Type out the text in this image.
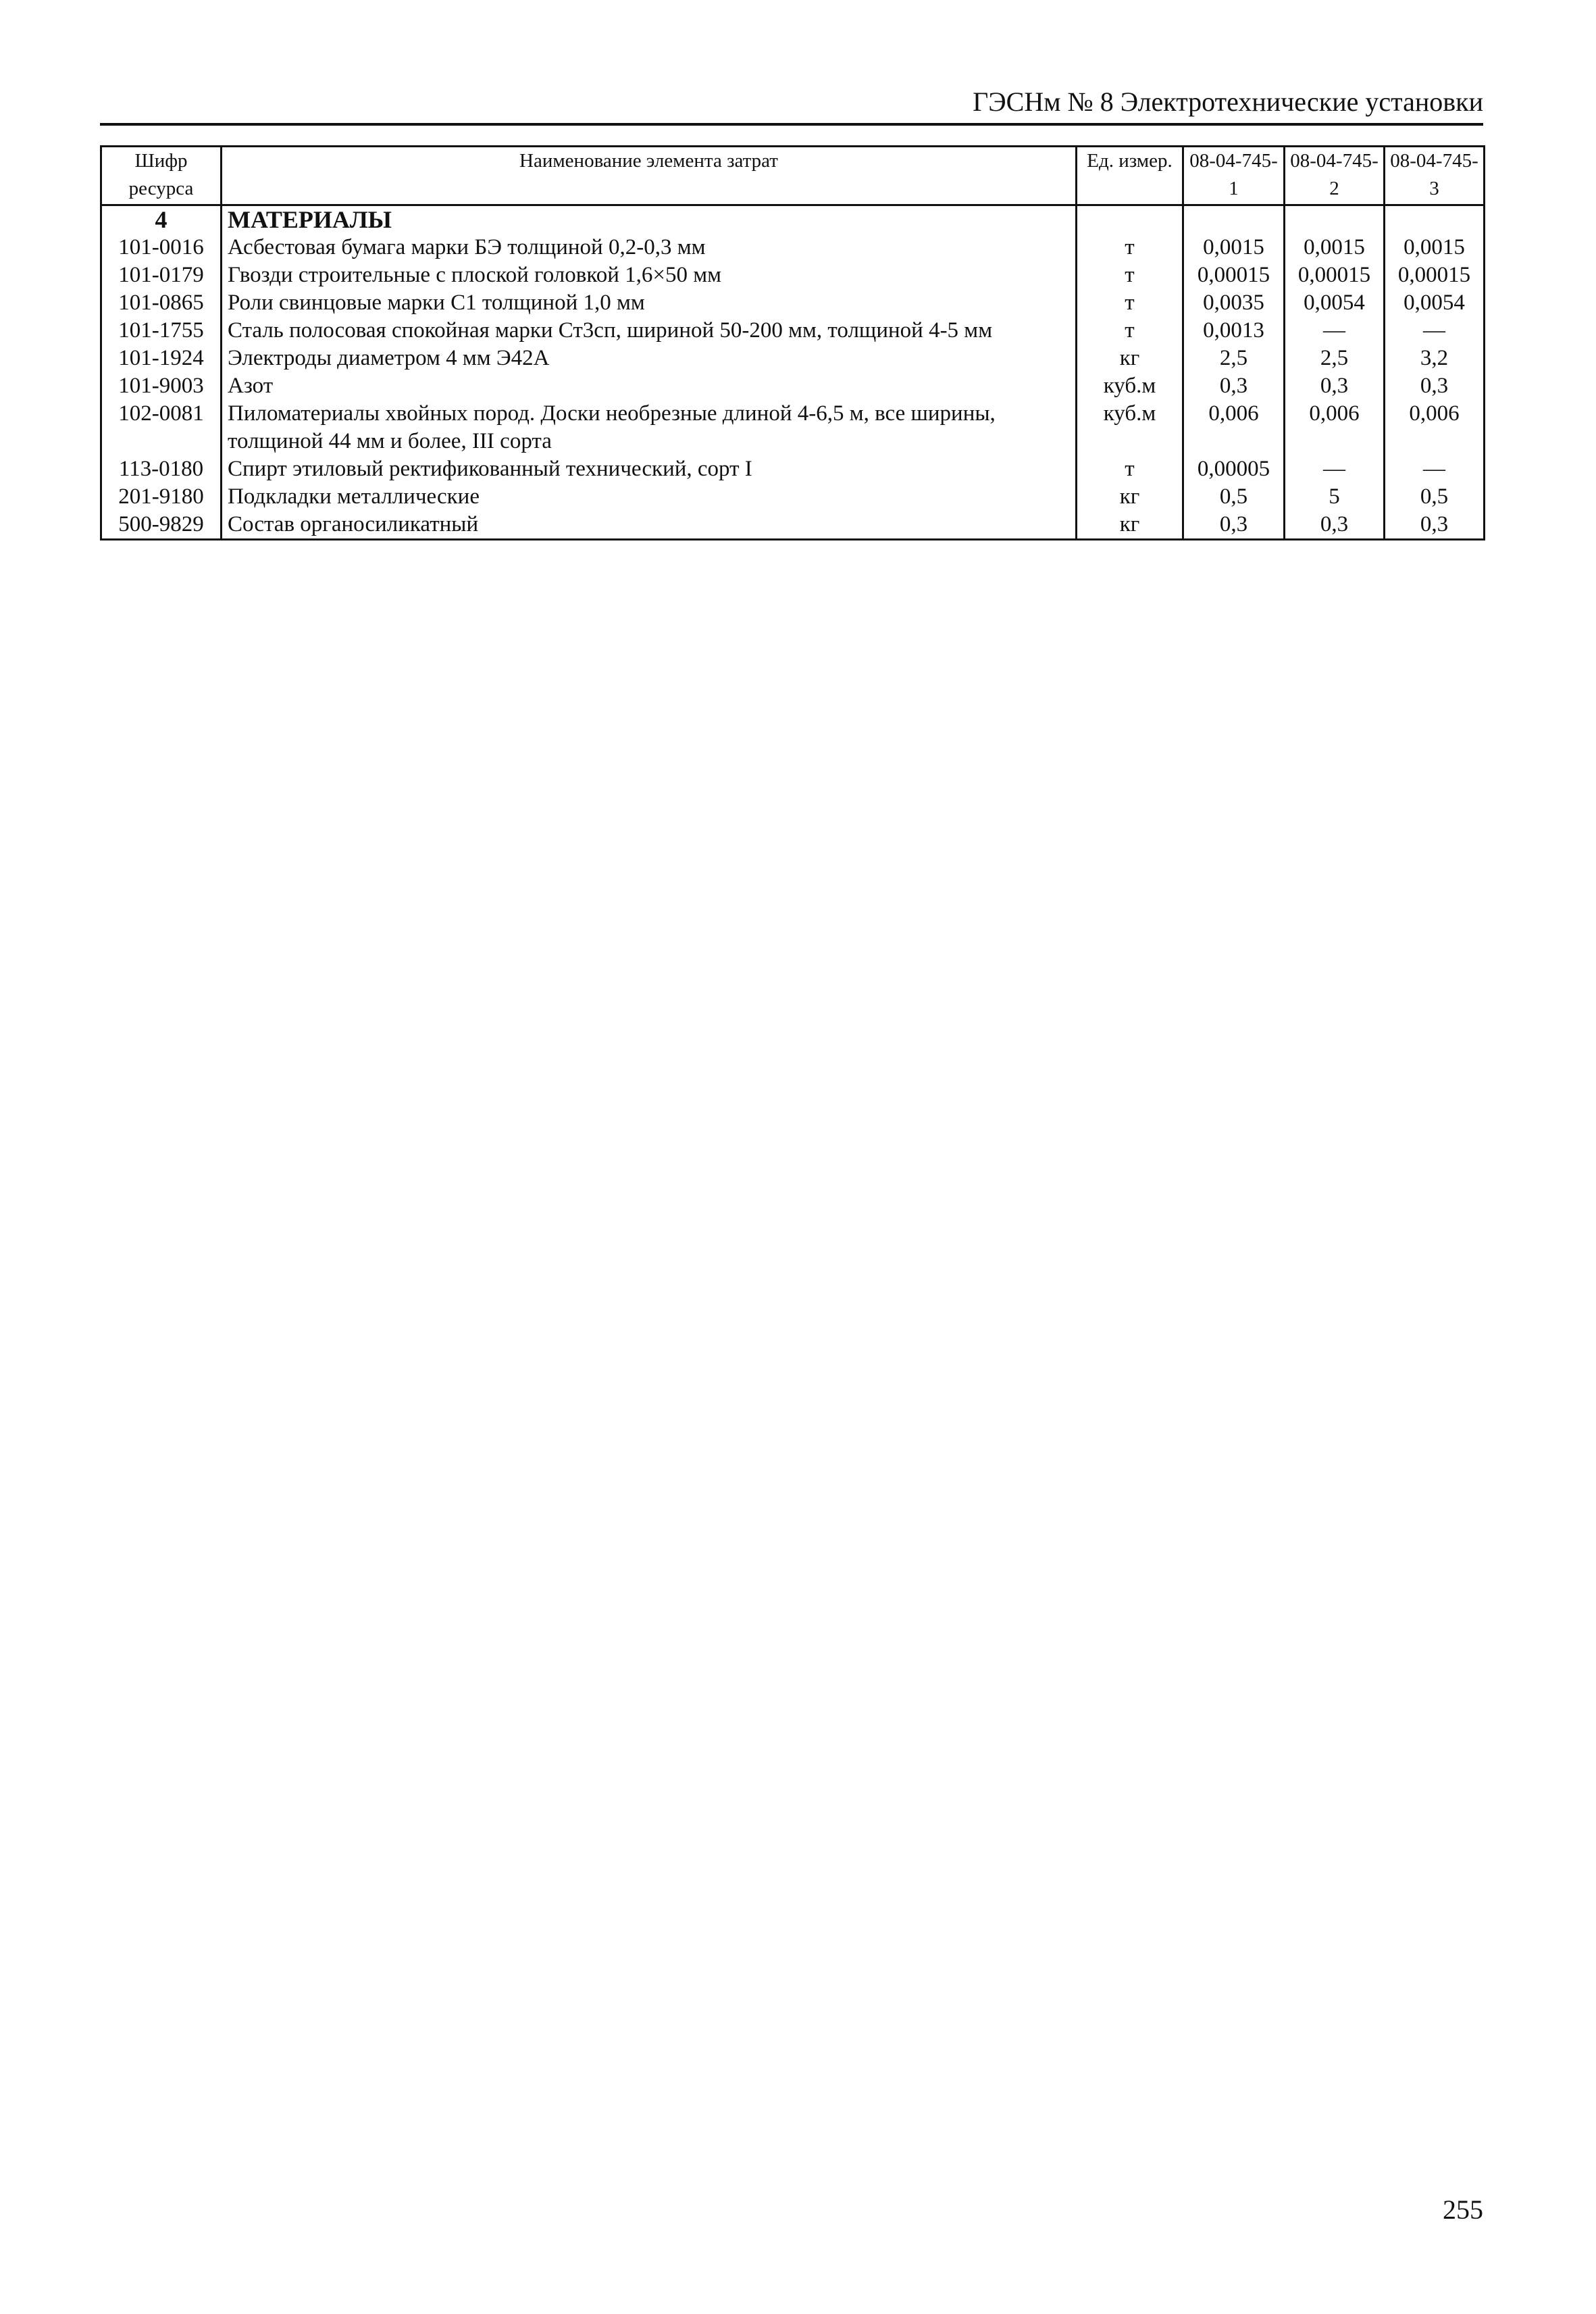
ГЭСНм № 8 Электротехнические установки
Шифр ресурса	Наименование элемента затрат	Ед. измер.	08-04-745-1	08-04-745-2	08-04-745-3
4	МАТЕРИАЛЫ				
101-0016	Асбестовая бумага марки БЭ толщиной 0,2-0,3 мм	т	0,0015	0,0015	0,0015
101-0179	Гвозди строительные с плоской головкой 1,6×50 мм	т	0,00015	0,00015	0,00015
101-0865	Роли свинцовые марки С1 толщиной 1,0 мм	т	0,0035	0,0054	0,0054
101-1755	Сталь полосовая спокойная марки Ст3сп, шириной 50-200 мм, толщиной 4-5 мм	т	0,0013	—	—
101-1924	Электроды диаметром 4 мм Э42А	кг	2,5	2,5	3,2
101-9003	Азот	куб.м	0,3	0,3	0,3
102-0081	Пиломатериалы хвойных пород. Доски необрезные длиной 4-6,5 м, все ширины, толщиной 44 мм и более, III сорта	куб.м	0,006	0,006	0,006
113-0180	Спирт этиловый ректификованный технический, сорт I	т	0,00005	—	—
201-9180	Подкладки металлические	кг	0,5	5	0,5
500-9829	Состав органосиликатный	кг	0,3	0,3	0,3
255
